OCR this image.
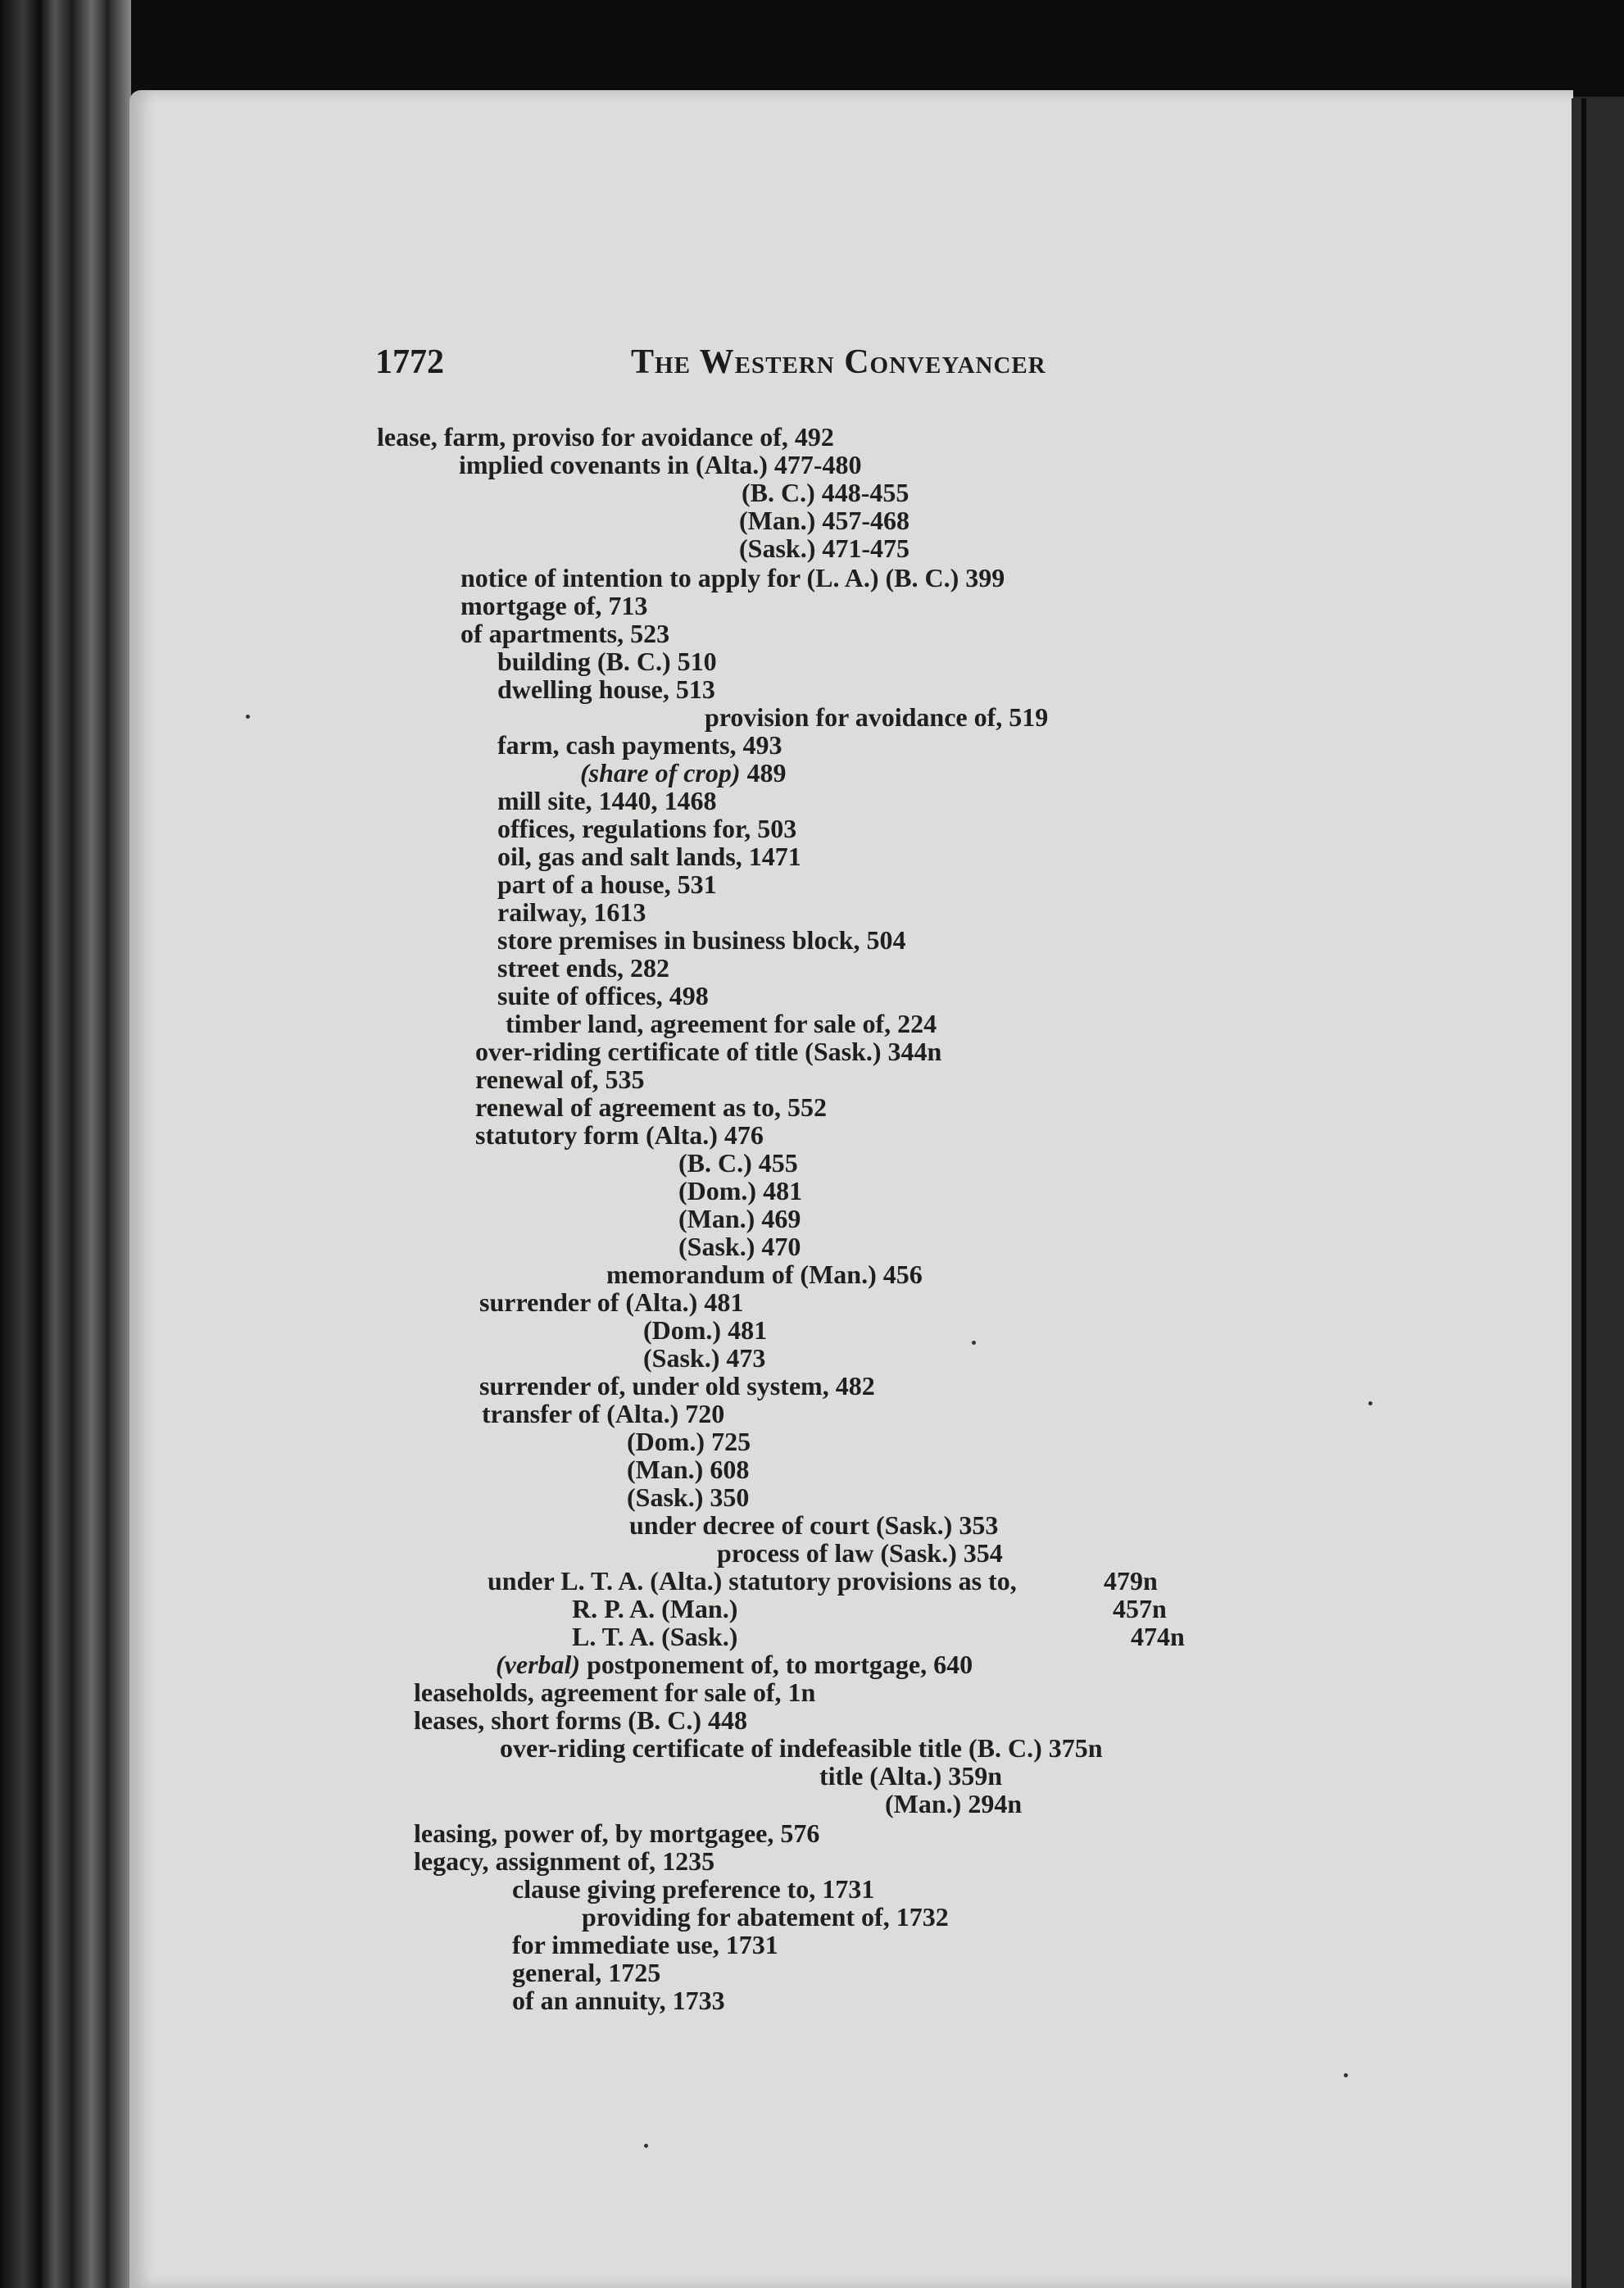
1772	The Western Conveyancer
lease, farm, proviso for avoidance of, 492
implied covenants in (Alta.) 477-480
(B. C.) 448-455
(Man.) 457-468
(Sask.) 471-475
notice of intention to apply for (L. A.) (B. C.) 399
mortgage of, 713
of apartments, 523
building (B. C.) 510
dwelling house, 513
provision for avoidance of, 519
farm, cash payments, 493
(share of crop) 489
mill site, 1440, 1468
offices, regulations for, 503
oil, gas and salt lands, 1471
part of a house, 531
railway, 1613
store premises in business block, 504
street ends, 282
suite of offices, 498
timber land, agreement for sale of, 224
over-riding certificate of title (Sask.) 344n
renewal of, 535
renewal of agreement as to, 552
statutory form (Alta.) 476
(B. C.) 455
(Dom.) 481
(Man.) 469
(Sask.) 470
memorandum of (Man.) 456
surrender of (Alta.) 481
(Dom.) 481
(Sask.) 473
surrender of, under old system, 482
transfer of (Alta.) 720
(Dom.) 725
(Man.) 608
(Sask.) 350
under decree of court (Sask.) 353
process of law (Sask.) 354
479n
under L. T. A. (Alta.) statutory provisions as to,
457n
R. P. A. (Man.)
474n
L. T. A. (Sask.)
(verbal) postponement of, to mortgage, 640
leaseholds, agreement for sale of, 1n
leases, short forms (B. C.) 448
over-riding certificate of indefeasible title (B. C.) 375n
title (Alta.) 359n
(Man.) 294n
leasing, power of, by mortgagee, 576
legacy, assignment of, 1235
clause giving preference to, 1731
providing for abatement of, 1732
for immediate use, 1731
general, 1725
of an annuity, 1733
